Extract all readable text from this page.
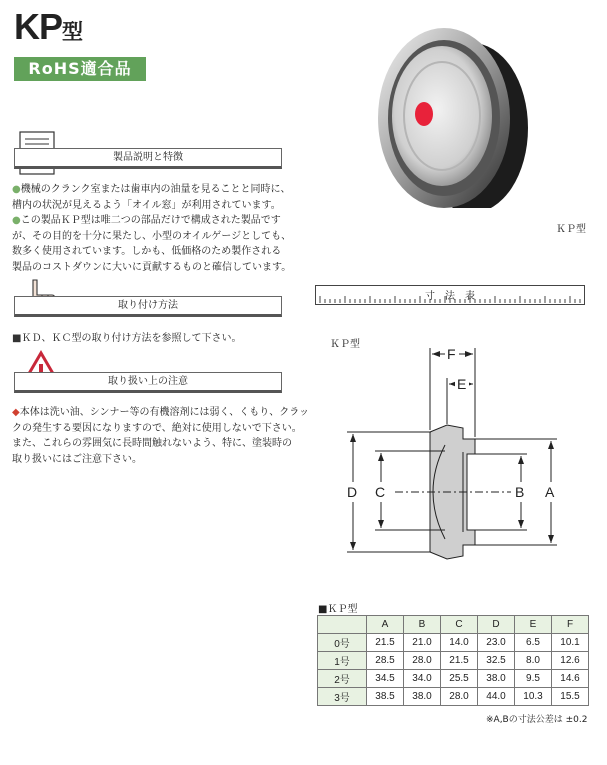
KP型
RoHS適合品
ＫＰ型
製品説明と特徴
●機械のクランク室または歯車内の油量を見ることと同時に、
槽内の状況が見えるよう「オイル窓」が利用されています。
●この製品ＫＰ型は唯二つの部品だけで構成された製品です
が、その目的を十分に果たし、小型のオイルゲージとしても、
数多く使用されています。しかも、低価格のため製作される
製品のコストダウンに大いに貢献するものと確信しています。
取り付け方法
■ＫＤ、ＫＣ型の取り付け方法を参照して下さい。
取り扱い上の注意
◆本体は洗い油、シンナー等の有機溶剤には弱く、くもり、クラッ
クの発生する要因になりますので、絶対に使用しないで下さい。
また、これらの雰囲気に長時間触れないよう、特に、塗装時の
取り扱いにはご注意下さい。
寸　法　表
ＫＰ型
D C	B A
F
E
■ＫＰ型
	A	B	C	D	E	F
0号	21.5	21.0	14.0	23.0	6.5	10.1
1号	28.5	28.0	21.5	32.5	8.0	12.6
2号	34.5	34.0	25.5	38.0	9.5	14.6
3号	38.5	38.0	28.0	44.0	10.3	15.5
※A,Bの寸法公差は ±0.2
